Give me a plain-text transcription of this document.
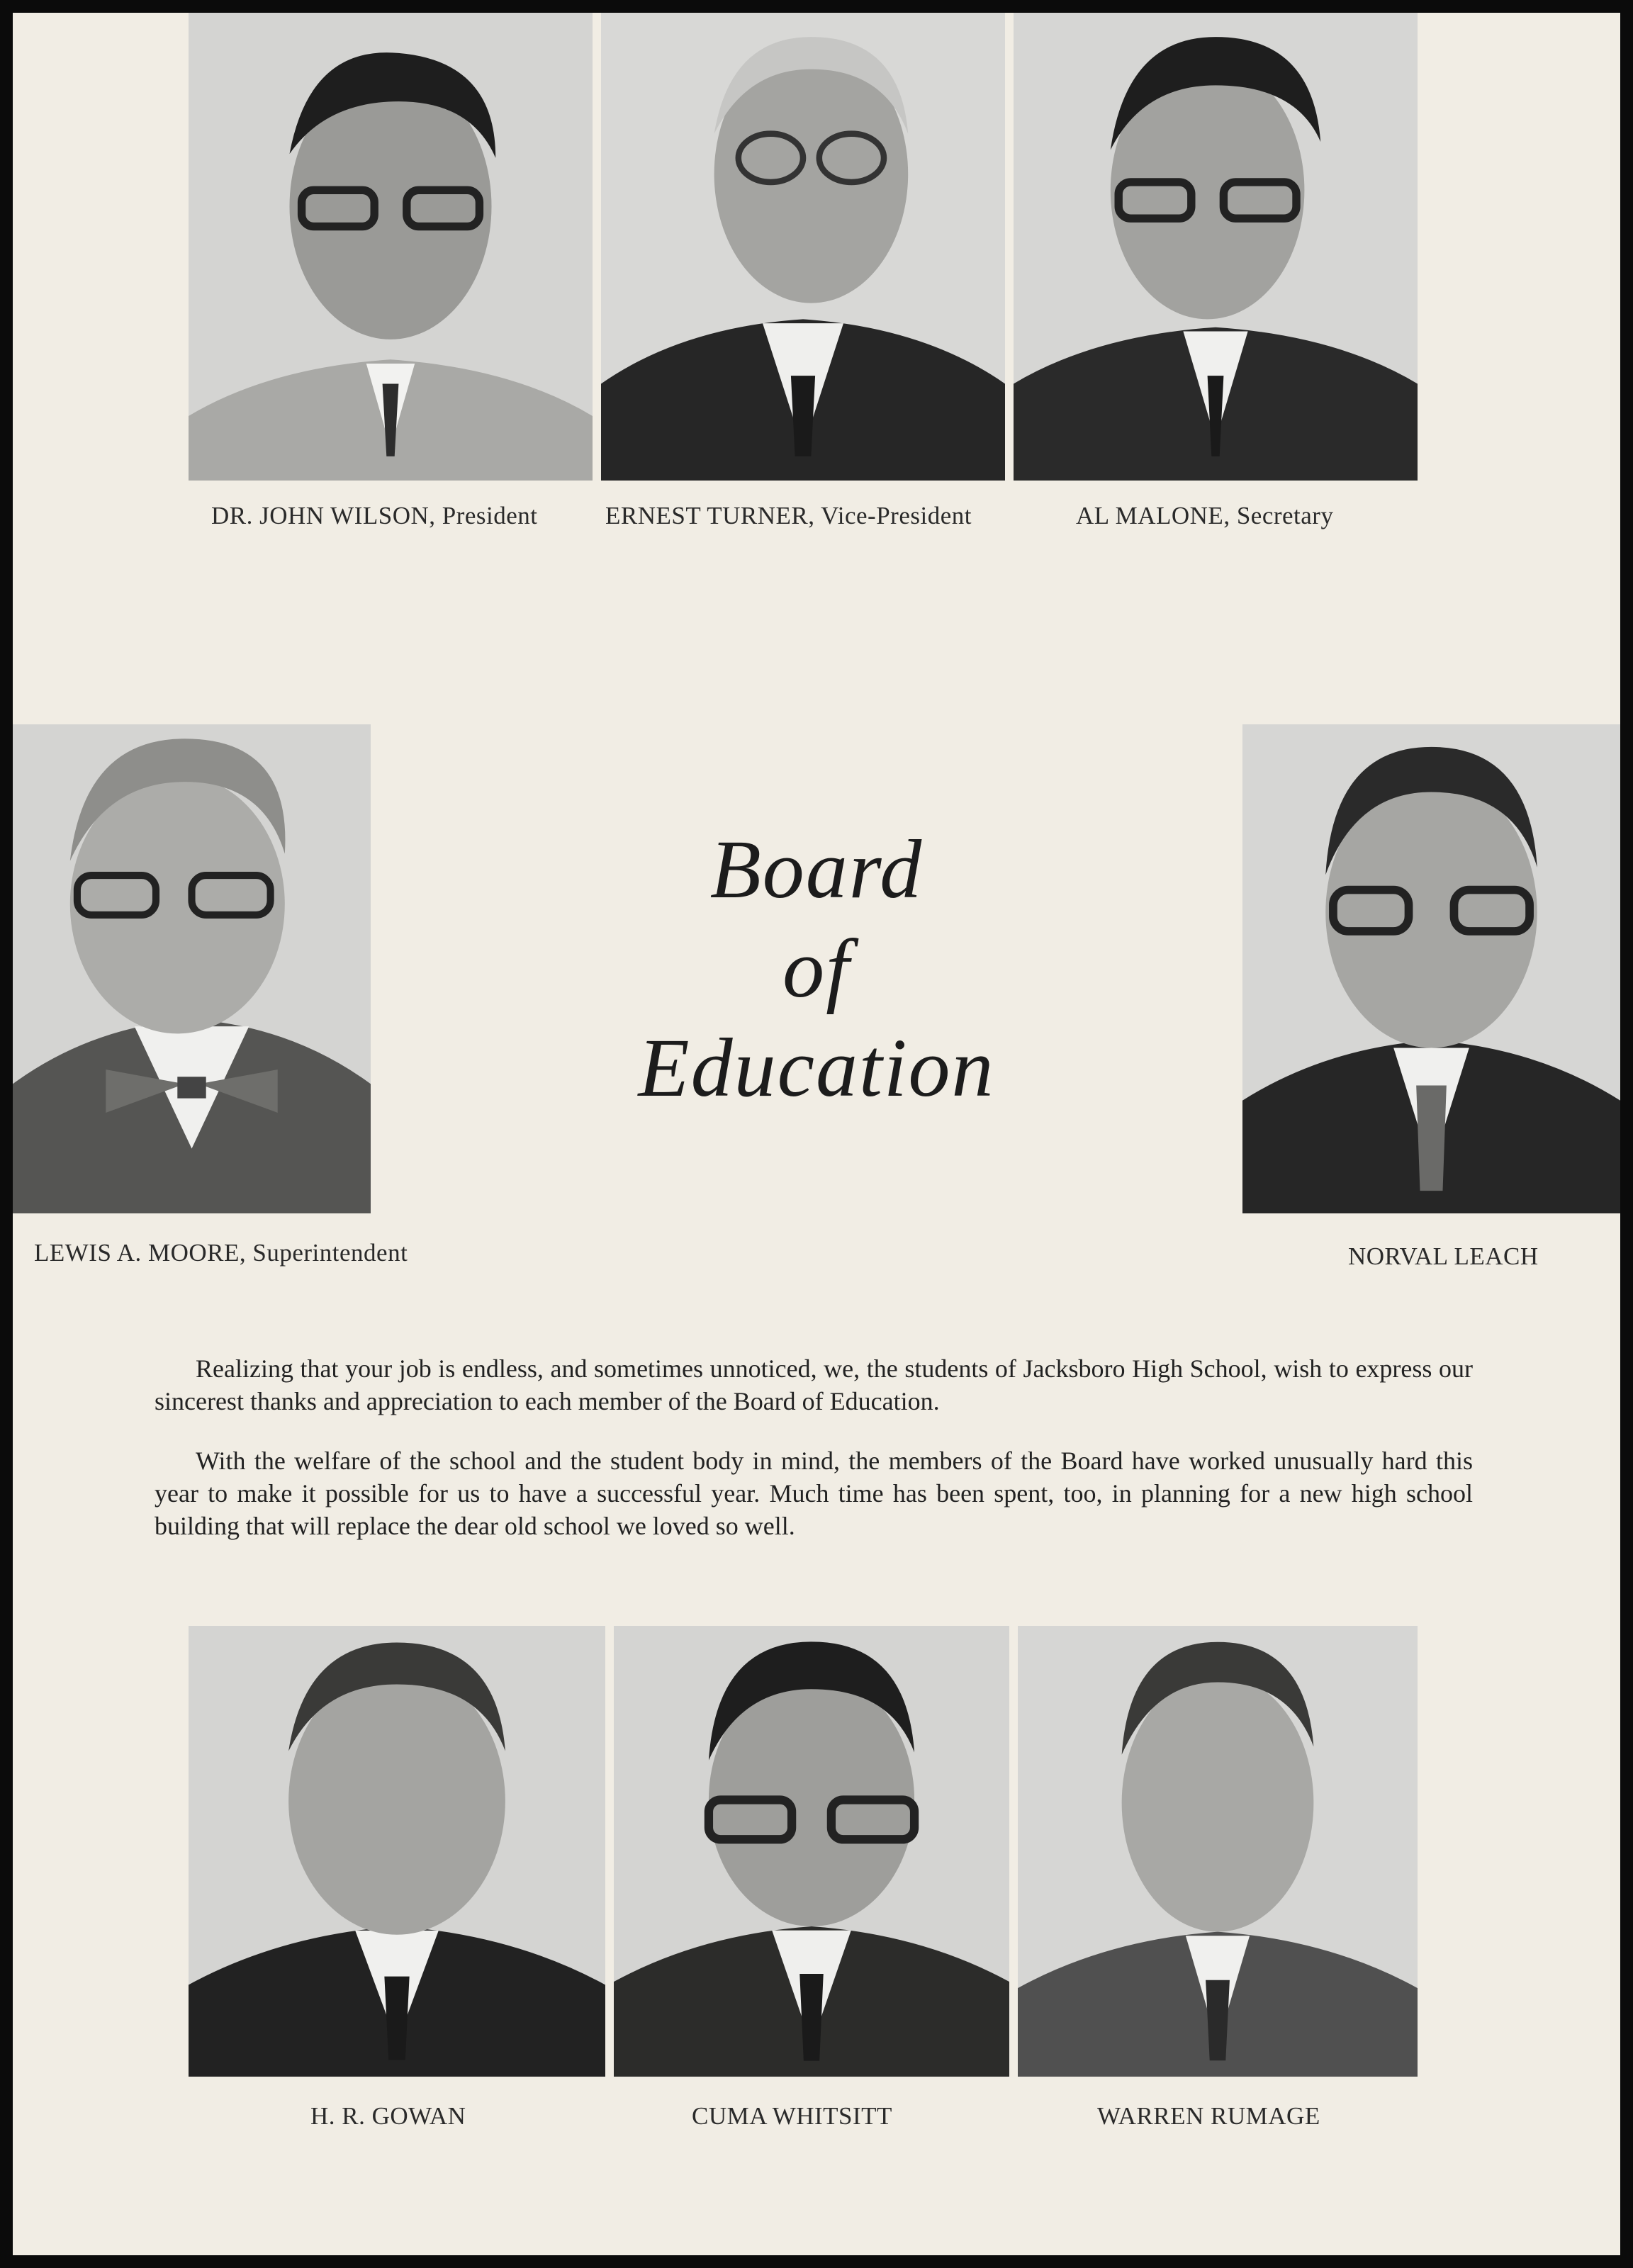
DR. JOHN WILSON, President	ERNEST TURNER, Vice-President	AL MALONE, Secretary
LEWIS A. MOORE, Superintendent
Board
of
Education
NORVAL LEACH

Realizing that your job is endless, and sometimes unnoticed, we, the students of Jacksboro High School, wish to express our sincerest thanks and appreciation to each member of the Board of Education.

With the welfare of the school and the student body in mind, the members of the Board have worked unusually hard this year to make it possible for us to have a successful year. Much time has been spent, too, in planning for a new high school building that will replace the dear old school we loved so well.

H. R. GOWAN	CUMA WHITSITT	WARREN RUMAGE
